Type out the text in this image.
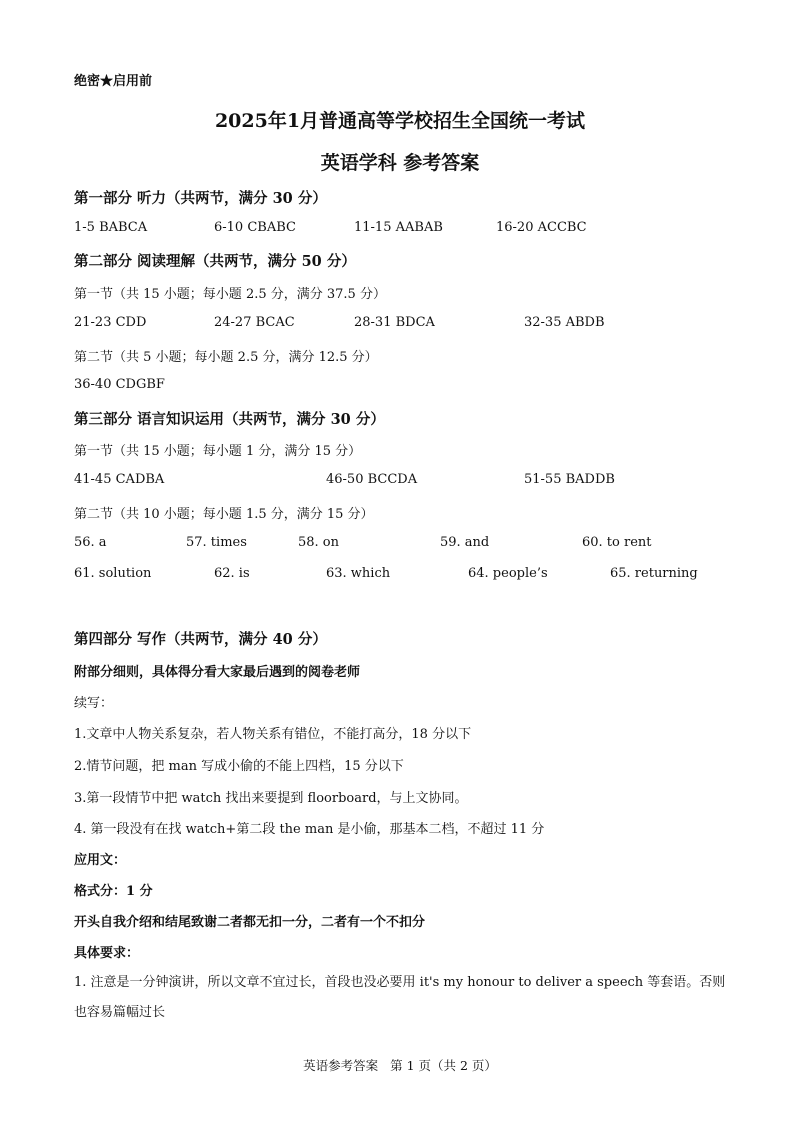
绝密★启用前
2025年1月普通高等学校招生全国统一考试
英语学科 参考答案
第一部分 听力（共两节，满分 30 分）
1-5 BABCA	6-10 CBABC	11-15 AABAB	16-20 ACCBC
第二部分 阅读理解（共两节，满分 50 分）
第一节（共 15 小题；每小题 2.5 分，满分 37.5 分）
21-23 CDD	24-27 BCAC	28-31 BDCA	32-35 ABDB
第二节（共 5 小题；每小题 2.5 分，满分 12.5 分）
36-40 CDGBF
第三部分 语言知识运用（共两节，满分 30 分）
第一节（共 15 小题；每小题 1 分，满分 15 分）
41-45 CADBA	46-50 BCCDA	51-55 BADDB
第二节（共 10 小题；每小题 1.5 分，满分 15 分）
56. a	57. times	58. on	59. and	60. to rent
61. solution	62. is	63. which	64. people’s	65. returning
第四部分 写作（共两节，满分 40 分）
附部分细则，具体得分看大家最后遇到的阅卷老师
续写：
1.文章中人物关系复杂，若人物关系有错位，不能打高分，18 分以下
2.情节问题，把 man 写成小偷的不能上四档，15 分以下
3.第一段情节中把 watch 找出来要提到 floorboard，与上文协同。
4. 第一段没有在找 watch+第二段 the man 是小偷，那基本二档，不超过 11 分
应用文：
格式分：1 分
开头自我介绍和结尾致谢二者都无扣一分，二者有一个不扣分
具体要求：
1. 注意是一分钟演讲，所以文章不宜过长，首段也没必要用 it's my honour to deliver a speech 等套语。否则也容易篇幅过长
英语参考答案 第 1 页（共 2 页）
